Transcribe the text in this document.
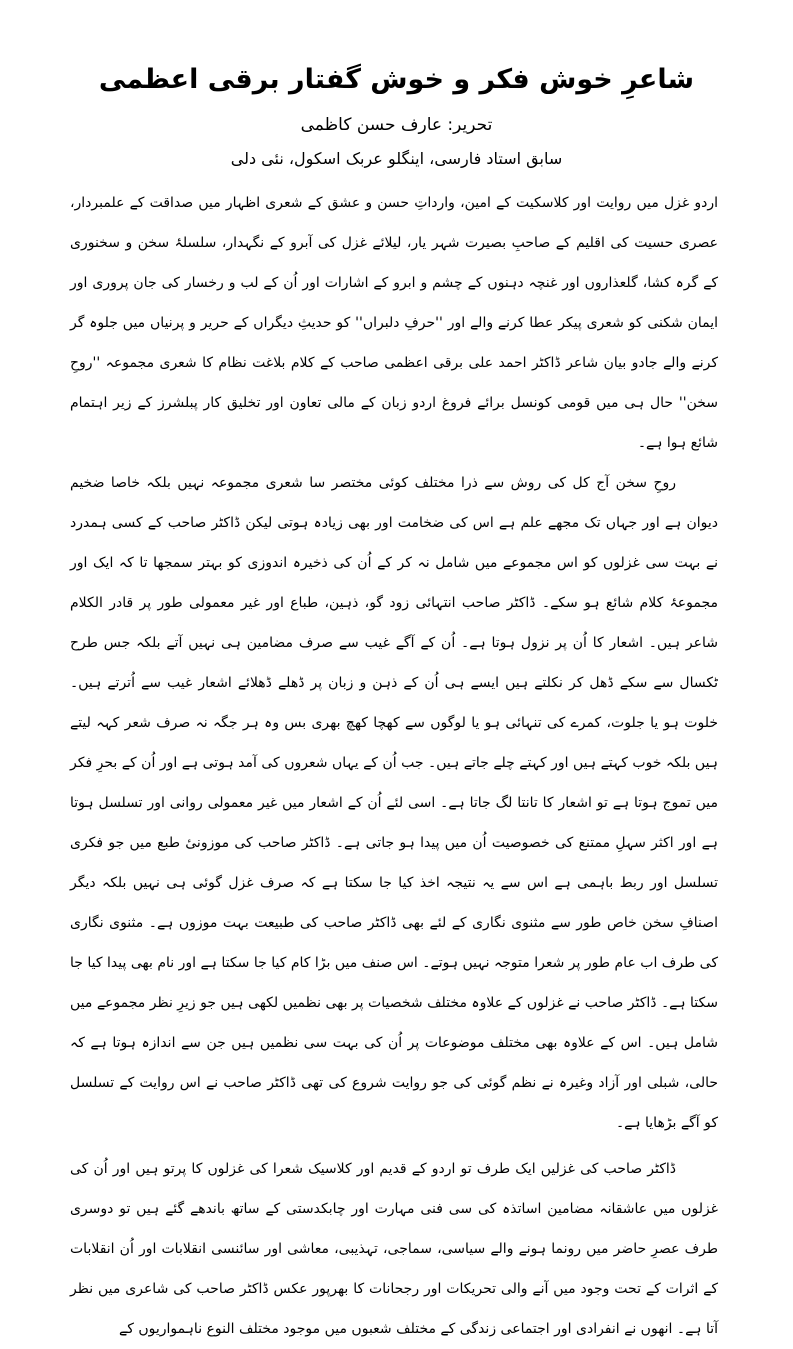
شاعرِ خوش فکر و خوش گفتار برقی اعظمی
تحریر: عارف حسن کاظمی
سابق استاد فارسی، اینگلو عربک اسکول، نئی دلی

اردو غزل میں روایت اور کلاسکیت کے امین، وارداتِ حسن و عشق کے شعری اظہار میں صداقت کے علمبردار، عصری حسیت کی اقلیم کے صاحبِ بصیرت شہر یار، لیلائے غزل کی آبرو کے نگہدار، سلسلۂ سخن و سخنوری کے گرہ کشا، گلعذاروں اور غنچہ دہنوں کے چشم و ابرو کے اشارات اور اُن کے لب و رخسار کی جان پروری اور ایمان شکنی کو شعری پیکر عطا کرنے والے اور ''حرفِ دلبراں'' کو حدیثِ دیگراں کے حریر و پرنیاں میں جلوہ گر کرنے والے جادو بیان شاعر ڈاکٹر احمد علی برقی اعظمی صاحب کے کلام بلاغت نظام کا شعری مجموعہ ''روحِ سخن'' حال ہی میں قومی کونسل برائے فروغ اردو زبان کے مالی تعاون اور تخلیق کار پبلشرز کے زیر اہتمام شائع ہوا ہے۔

روحِ سخن آج کل کی روش سے ذرا مختلف کوئی مختصر سا شعری مجموعہ نہیں بلکہ خاصا ضخیم دیوان ہے اور جہاں تک مجھے علم ہے اس کی ضخامت اور بھی زیادہ ہوتی لیکن ڈاکٹر صاحب کے کسی ہمدرد نے بہت سی غزلوں کو اس مجموعے میں شامل نہ کر کے اُن کی ذخیرہ اندوزی کو بہتر سمجھا تا کہ ایک اور مجموعۂ کلام شائع ہو سکے۔ ڈاکٹر صاحب انتہائی زود گو، ذہین، طباع اور غیر معمولی طور پر قادر الکلام شاعر ہیں۔ اشعار کا اُن پر نزول ہوتا ہے۔ اُن کے آگے غیب سے صرف مضامین ہی نہیں آتے بلکہ جس طرح ٹکسال سے سکے ڈھل کر نکلتے ہیں ایسے ہی اُن کے ذہن و زبان پر ڈھلے ڈھلائے اشعار غیب سے اُترتے ہیں۔ خلوت ہو یا جلوت، کمرے کی تنہائی ہو یا لوگوں سے کھچا کھچ بھری بس وہ ہر جگہ نہ صرف شعر کہہ لیتے ہیں بلکہ خوب کہتے ہیں اور کہتے چلے جاتے ہیں۔ جب اُن کے یہاں شعروں کی آمد ہوتی ہے اور اُن کے بحرِ فکر میں تموج ہوتا ہے تو اشعار کا تانتا لگ جاتا ہے۔ اسی لئے اُن کے اشعار میں غیر معمولی روانی اور تسلسل ہوتا ہے اور اکثر سہلِ ممتنع کی خصوصیت اُن میں پیدا ہو جاتی ہے۔ ڈاکٹر صاحب کی موزونیٔ طبع میں جو فکری تسلسل اور ربط باہمی ہے اس سے یہ نتیجہ اخذ کیا جا سکتا ہے کہ صرف غزل گوئی ہی نہیں بلکہ دیگر اصنافِ سخن خاص طور سے مثنوی نگاری کے لئے بھی ڈاکٹر صاحب کی طبیعت بہت موزوں ہے۔ مثنوی نگاری کی طرف اب عام طور پر شعرا متوجہ نہیں ہوتے۔ اس صنف میں بڑا کام کیا جا سکتا ہے اور نام بھی پیدا کیا جا سکتا ہے۔ ڈاکٹر صاحب نے غزلوں کے علاوہ مختلف شخصیات پر بھی نظمیں لکھی ہیں جو زیرِ نظر مجموعے میں شامل ہیں۔ اس کے علاوہ بھی مختلف موضوعات پر اُن کی بہت سی نظمیں ہیں جن سے اندازہ ہوتا ہے کہ حالی، شبلی اور آزاد وغیرہ نے نظم گوئی کی جو روایت شروع کی تھی ڈاکٹر صاحب نے اس روایت کے تسلسل کو آگے بڑھایا ہے۔

ڈاکٹر صاحب کی غزلیں ایک طرف تو اردو کے قدیم اور کلاسیک شعرا کی غزلوں کا پرتو ہیں اور اُن کی غزلوں میں عاشقانہ مضامین اساتذہ کی سی فنی مہارت اور چابکدستی کے ساتھ باندھے گئے ہیں تو دوسری طرف عصرِ حاضر میں رونما ہونے والے سیاسی، سماجی، تہذیبی، معاشی اور سائنسی انقلابات اور اُن انقلابات کے اثرات کے تحت وجود میں آنے والی تحریکات اور رجحانات کا بھرپور عکس ڈاکٹر صاحب کی شاعری میں نظر آتا ہے۔ انھوں نے انفرادی اور اجتماعی زندگی کے مختلف شعبوں میں موجود مختلف النوع ناہمواریوں کے
